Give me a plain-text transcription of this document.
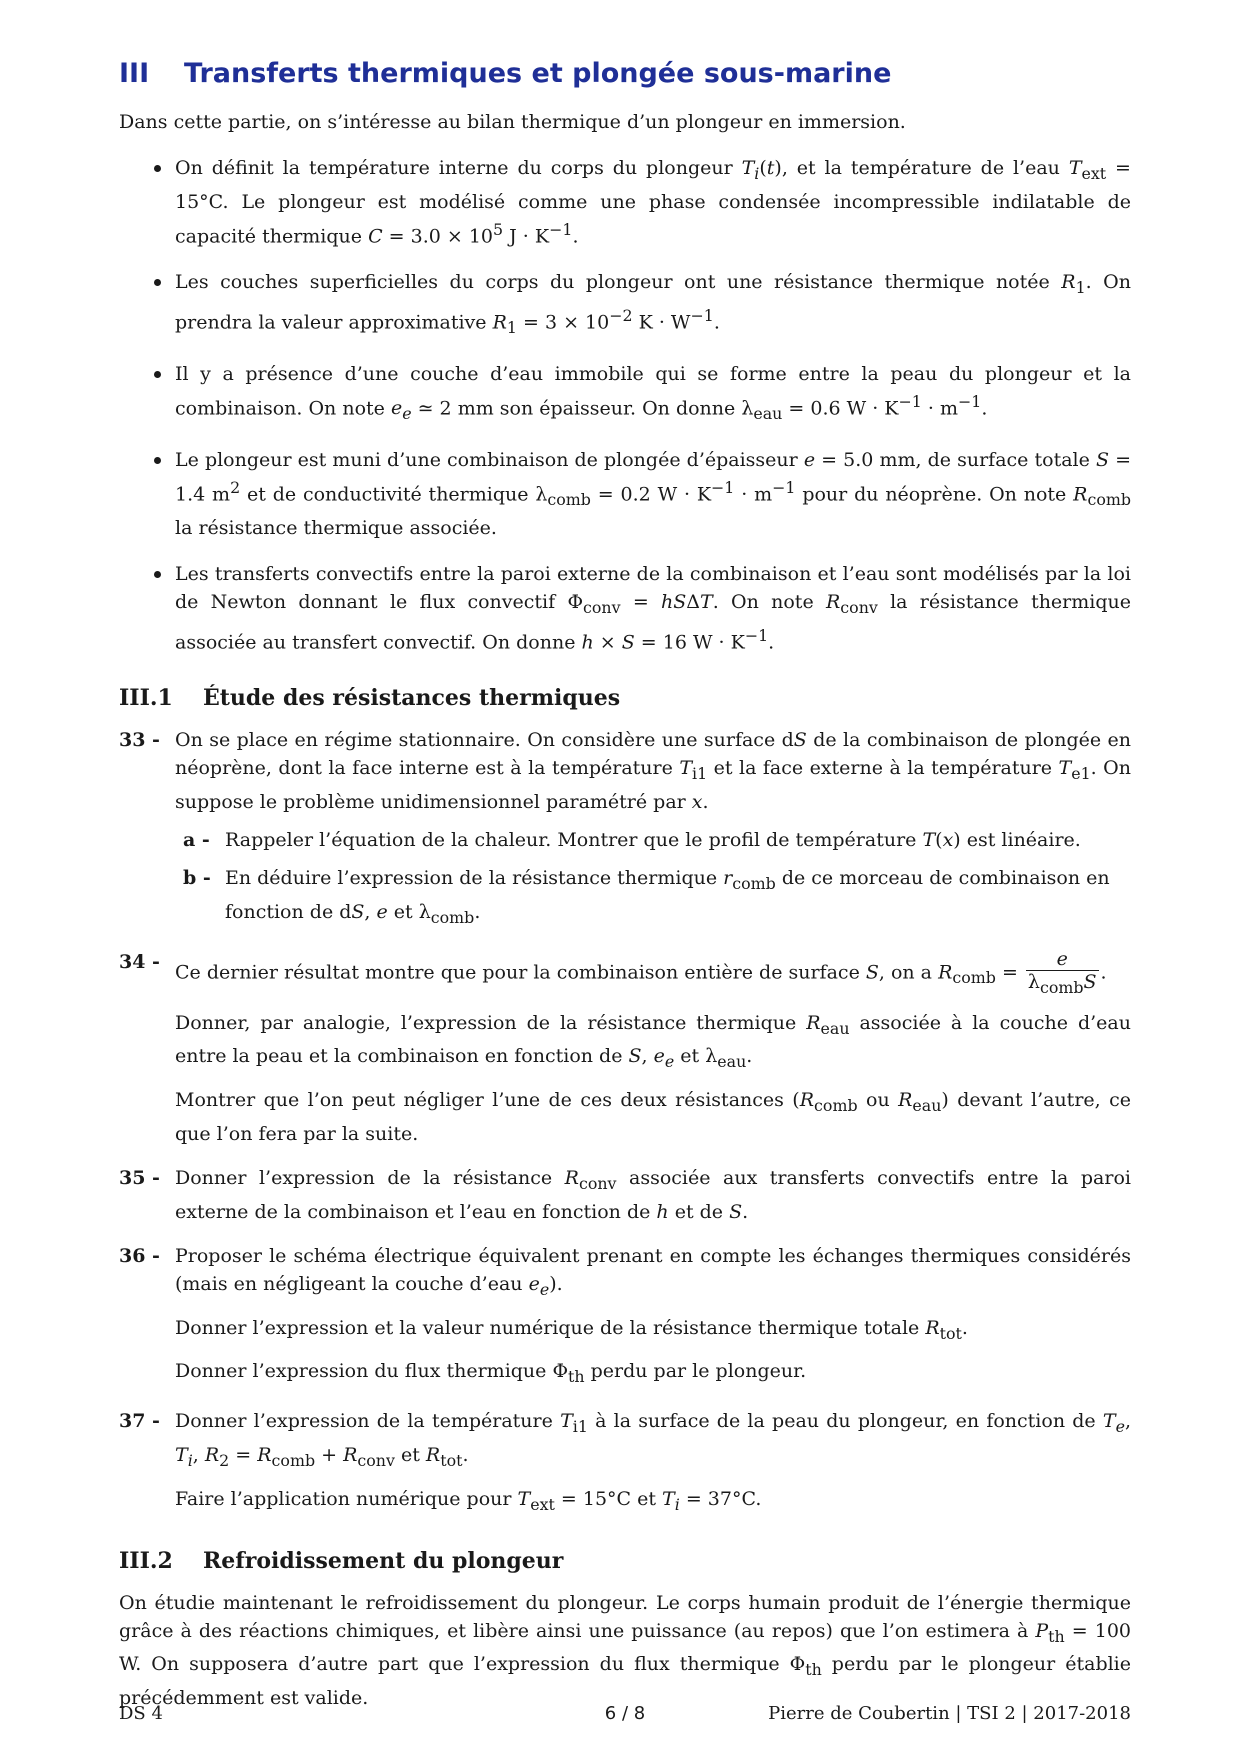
III	Transferts thermiques et plongée sous-marine

Dans cette partie, on s’intéresse au bilan thermique d’un plongeur en immersion.

On définit la température interne du corps du plongeur $T_i(t)$, et la température de l’eau $T_{ext} = 15^\circ C$. Le plongeur est modélisé comme une phase condensée incompressible indilatable de capacité thermique $C = 3.0 \times 10^5$ $J \cdot K^{-1}$.
Les couches superficielles du corps du plongeur ont une résistance thermique notée $R_1$. On prendra la valeur approximative $R_1 = 3 \times 10^{-2}$ $K \cdot W^{-1}$.
Il y a présence d’une couche d’eau immobile qui se forme entre la peau du plongeur et la combinaison. On note $e_e$ ≃ 2 mm son épaisseur. On donne $\lambda_{eau} = 0.6$ $W \cdot K^{-1} \cdot m^{-1}$.
Le plongeur est muni d’une combinaison de plongée d’épaisseur e = 5.0 mm, de surface totale S = 1.4 $m^2$ et de conductivité thermique $\lambda_{comb} = 0.2$ $W \cdot K^{-1} \cdot m^{-1}$ pour du néoprène. On note $R_{comb}$ la résistance thermique associée.
Les transferts convectifs entre la paroi externe de la combinaison et l’eau sont modélisés par la loi de Newton donnant le flux convectif $\Phi_{conv} = hS\Delta T$. On note $R_{conv}$ la résistance thermique associée au transfert convectif. On donne h × S = 16 $W \cdot K^{-1}$.
III.1	Étude des résistances thermiques
33 - On se place en régime stationnaire. On considère une surface dS de la combinaison de plongée en néoprène, dont la face interne est à la température $T_{i1}$ et la face externe à la température $T_{e1}$. On suppose le problème unidimensionnel paramétré par x.

a - Rappeler l’équation de la chaleur. Montrer que le profil de température T(x) est linéaire.
b - En déduire l’expression de la résistance thermique $r_{comb}$ de ce morceau de combinaison en fonction de dS, e et $\lambda_{comb}$.
34 - Ce dernier résultat montre que pour la combinaison entière de surface S, on a $R_{comb} = \frac{e}{\lambda_{comb}S}$ .

Donner, par analogie, l’expression de la résistance thermique $R_{eau}$ associée à la couche d’eau entre la peau et la combinaison en fonction de S, $e_e$ et $\lambda_{eau}$.

Montrer que l’on peut négliger l’une de ces deux résistances ($R_{comb}$ ou $R_{eau}$) devant l’autre, ce que l’on fera par la suite.

35 - Donner l’expression de la résistance $R_{conv}$ associée aux transferts convectifs entre la paroi externe de la combinaison et l’eau en fonction de h et de S.

36 - Proposer le schéma électrique équivalent prenant en compte les échanges thermiques considérés (mais en négligeant la couche d’eau $e_e$).

Donner l’expression et la valeur numérique de la résistance thermique totale $R_{tot}$.

Donner l’expression du flux thermique $\Phi_{th}$ perdu par le plongeur.

37 - Donner l’expression de la température $T_{i1}$ à la surface de la peau du plongeur, en fonction de $T_e$, $T_i$, $R_2 = R_{comb} + R_{conv}$ et $R_{tot}$.

Faire l’application numérique pour $T_{ext} = 15^\circ C$ et $T_i = 37^\circ C$.

III.2	Refroidissement du plongeur

On étudie maintenant le refroidissement du plongeur. Le corps humain produit de l’énergie thermique grâce à des réactions chimiques, et libère ainsi une puissance (au repos) que l’on estimera à $P_{th} = 100$ W. On supposera d’autre part que l’expression du flux thermique $\Phi_{th}$ perdu par le plongeur établie précédemment est valide.

DS 4	6 / 8	Pierre de Coubertin | TSI 2 | 2017-2018
